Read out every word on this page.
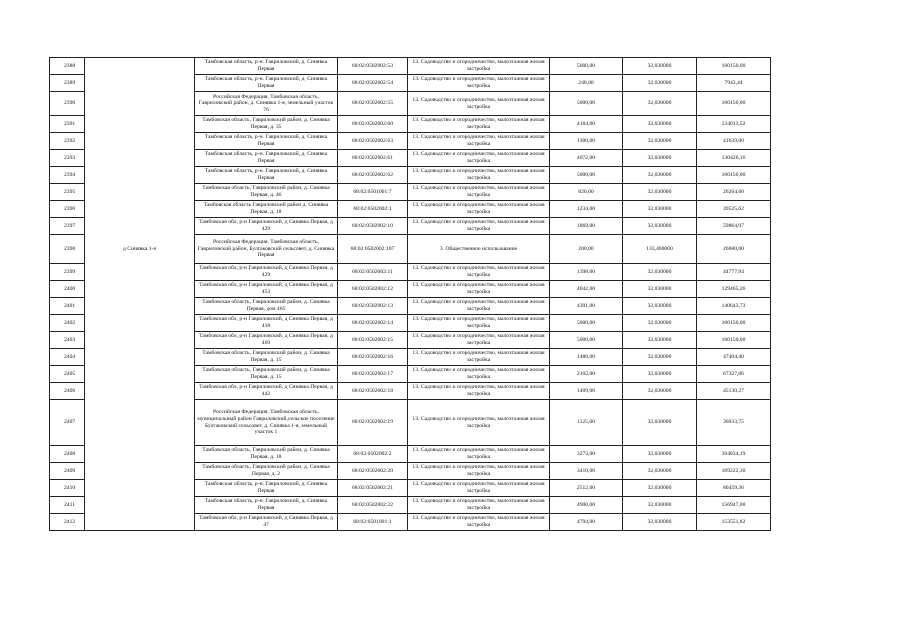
2388		Тамбовская область, р-н. Гавриловский, д. Синявка Первая	68:02:0502002:53	13. Садоводство и огородничество, малоэтажная жилая застройка	5000,00	32,030000	160150,00
2389		Тамбовская область, р-н. Гавриловский, д. Синявка Первая	68:02:0502002:54	13. Садоводство и огородничество, малоэтажная жилая застройка	248,00	32,030000	7943,44
2390		Российская Федерация, Тамбовская область, Гавриловский район, д. Синявка 1-я, земельный участок 76	68:02:0502002:55	13. Садоводство и огородничество, малоэтажная жилая застройка	5000,00	32,030000	160150,00
2391		Тамбовская область, Гавриловский район, д. Синявка Первая, д. 35	68:02:0502002:60	13. Садоводство и огородничество, малоэтажная жилая застройка	4184,00	32,030000	134013,52
2392		Тамбовская область, р-н. Гавриловский, д. Синявка Первая	68:02:0502002:63	13. Садоводство и огородничество, малоэтажная жилая застройка	1300,00	32,030000	41639,00
2393		Тамбовская область, р-н. Гавриловский, д. Синявка Первая	68:02:0502002:61	13. Садоводство и огородничество, малоэтажная жилая застройка	4072,00	32,030000	130426,16
2394		Тамбовская область, р-н. Гавриловский, д. Синявка Первая	68:02:0502002:62	13. Садоводство и огородничество, малоэтажная жилая застройка	5000,00	32,030000	160150,00
2395		Тамбовская область, Гавриловский район, д. Синявка Первая, д. 46	68:02:0501001:7	13. Садоводство и огородничество, малоэтажная жилая застройка	820,00	32,030000	26264,60
2396		Тамбовская область Гавриловский район д. Синявка Первая, д. 18	68:02:0502002:1	13. Садоводство и огородничество, малоэтажная жилая застройка	1234,00	32,030000	39525,02
2397		Тамбовская обл, р-н Гавриловский, д Синявка Первая, д 429	68:02:0502002:10	13. Садоводство и огородничество, малоэтажная жилая застройка	1869,00	32,030000	59864,07
2398	д Синявка 1-я	Российская Федерация, Тамбовская область, Гавриловский район, Булгаковский сельсовет, д. Синявка Первая	68:02:0502002:107	3. Общественное использование	200,00	133,400000	26680,00
2399		Тамбовская обл, р-н Гавриловский, д Синявка Первая, д 429	68:02:0502002:11	13. Садоводство и огородничество, малоэтажная жилая застройка	1398,00	32,030000	44777,94
2400		Тамбовская обл, р-н Гавриловский, д Синявка Первая, д 453	68:02:0502002:12	13. Садоводство и огородничество, малоэтажная жилая застройка	4042,00	32,030000	129465,26
2401		Тамбовская область, Гавриловский район, д. Синявка Первая, дом 465	68:02:0502002:13	13. Садоводство и огородничество, малоэтажная жилая застройка	4391,00	32,030000	140643,73
2402		Тамбовская обл, р-н Гавриловский, д Синявка Первая, д 418	68:02:0502002:14	13. Садоводство и огородничество, малоэтажная жилая застройка	5000,00	32,030000	160150,00
2403		Тамбовская обл, р-н Гавриловский, д Синявка Первая, д 469	68:02:0502002:15	13. Садоводство и огородничество, малоэтажная жилая застройка	5000,00	32,030000	160150,00
2404		Тамбовская область, Гавриловский район, д. Синявка Первая, д. 15	68:02:0502002:16	13. Садоводство и огородничество, малоэтажная жилая застройка	1480,00	32,030000	47404,40
2405		Тамбовская область, Гавриловский район, д. Синявка Первая, д. 15	68:02:0502002:17	13. Садоводство и огородничество, малоэтажная жилая застройка	2102,00	32,030000	67327,06
2406		Тамбовская обл, р-н Гавриловский, д Синявка Первая, д 442	68:02:0502002:18	13. Садоводство и огородничество, малоэтажная жилая застройка	1409,00	32,030000	45130,27
2407		Российская Федерация, Тамбовская область, муниципальный район Гавриловский,сельское поселение Булгаковский сельсовет, д. Синявка 1-я, земельный участок 1	68:02:0502002:19	13. Садоводство и огородничество, малоэтажная жилая застройка	1125,00	32,030000	36033,75
2408		Тамбовская область, Гавриловский район, д. Синявка Первая, д. 18	68:02:0502002:2	13. Садоводство и огородничество, малоэтажная жилая застройка	3273,00	32,030000	104834,19
2409		Тамбовская область, Гавриловский район, д. Синявка Первая, д. 2	68:02:0502002:20	13. Садоводство и огородничество, малоэтажная жилая застройка	3410,00	32,030000	109222,30
2410		Тамбовская область, р-н. Гавриловский, д. Синявка Первая	68:02:0502002:21	13. Садоводство и огородничество, малоэтажная жилая застройка	2512,00	32,030000	80459,36
2411		Тамбовская область, р-н. Гавриловский, д. Синявка Первая	68:02:0502002:22	13. Садоводство и огородничество, малоэтажная жилая застройка	4900,00	32,030000	156947,00
2412		Тамбовская обл, р-н Гавриловский, д Синявка Первая, д 47	68:02:0501001:1	13. Садоводство и огородничество, малоэтажная жилая застройка	4794,00	32,030000	153551,82
